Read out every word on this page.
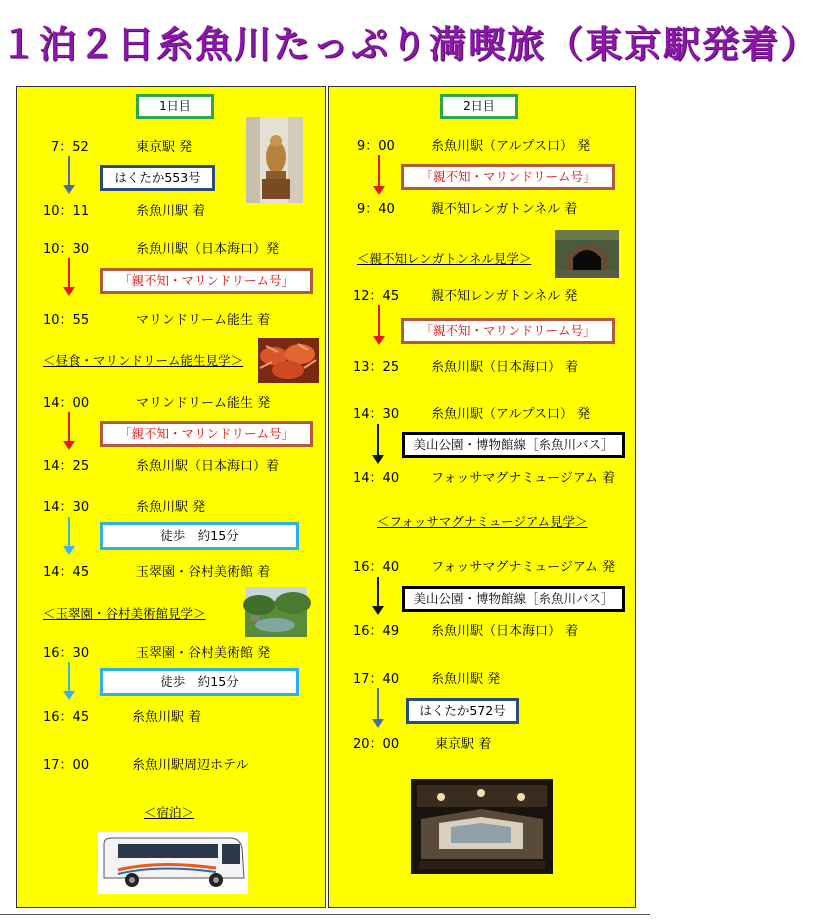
１泊２日糸魚川たっぷり満喫旅（東京駅発着）
1日目
7：52	東京駅 発
はくたか553号
10：11	糸魚川駅 着
10：30	糸魚川駅（日本海口）発
「親不知・マリンドリーム号」
10：55	マリンドリーム能生 着
＜昼食・マリンドリーム能生見学＞
14：00	マリンドリーム能生 発
「親不知・マリンドリーム号」
14：25	糸魚川駅（日本海口）着
14：30	糸魚川駅 発
徒歩　約15分
14：45	玉翠園・谷村美術館 着
＜玉翠園・谷村美術館見学＞
16：30	玉翠園・谷村美術館 発
徒歩　約15分
16：45	糸魚川駅 着
17：00	糸魚川駅周辺ホテル
＜宿泊＞
2日目
9：00	糸魚川駅（アルプス口） 発
「親不知・マリンドリーム号」
9：40	親不知レンガトンネル 着
＜親不知レンガトンネル見学＞
12：45 親不知レンガトンネル 発
「親不知・マリンドリーム号」
13：25 糸魚川駅（日本海口） 着
14：30 糸魚川駅（アルプス口） 発
美山公園・博物館線［糸魚川バス］
14：40 フォッサマグナミュージアム 着
＜フォッサマグナミュージアム見学＞
16：40 フォッサマグナミュージアム 発
美山公園・博物館線［糸魚川バス］
16：49 糸魚川駅（日本海口） 着
17：40 糸魚川駅 発
はくたか572号
20：00	東京駅 着
